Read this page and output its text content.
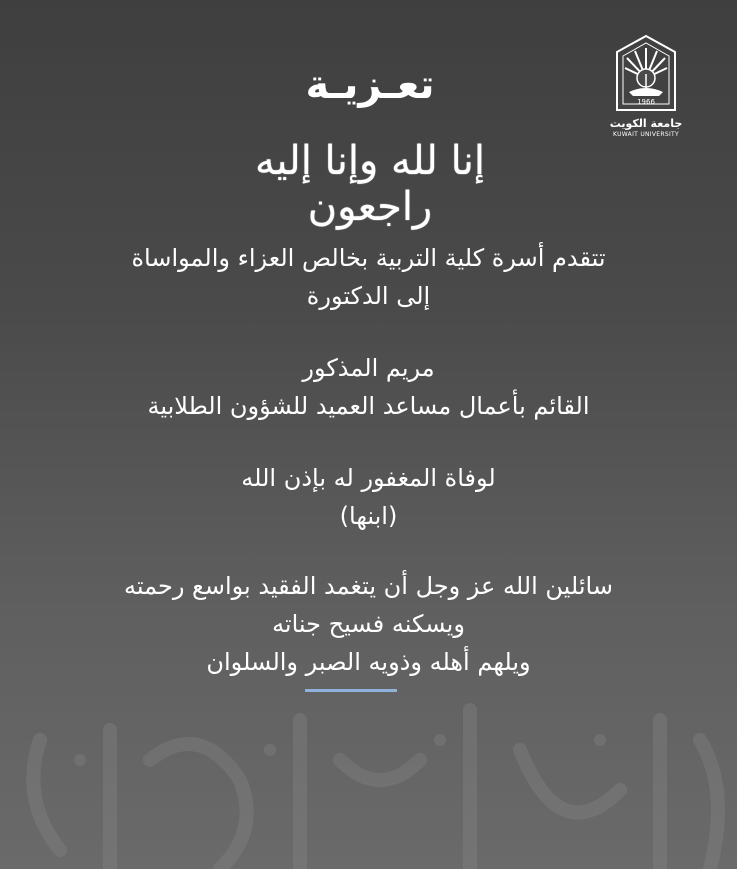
1966
جامعة الكويت
KUWAIT UNIVERSITY
تعـزيـة
إنا لله وإنا إليه راجعون
تتقدم أسرة كلية التربية بخالص العزاء والمواساة
إلى الدكتورة
مريم المذكور
القائم بأعمال مساعد العميد للشؤون الطلابية
لوفاة المغفور له بإذن الله
(ابنها)
سائلين الله عز وجل أن يتغمد الفقيد بواسع رحمته
ويسكنه فسيح جناته
ويلهم أهله وذويه الصبر والسلوان
